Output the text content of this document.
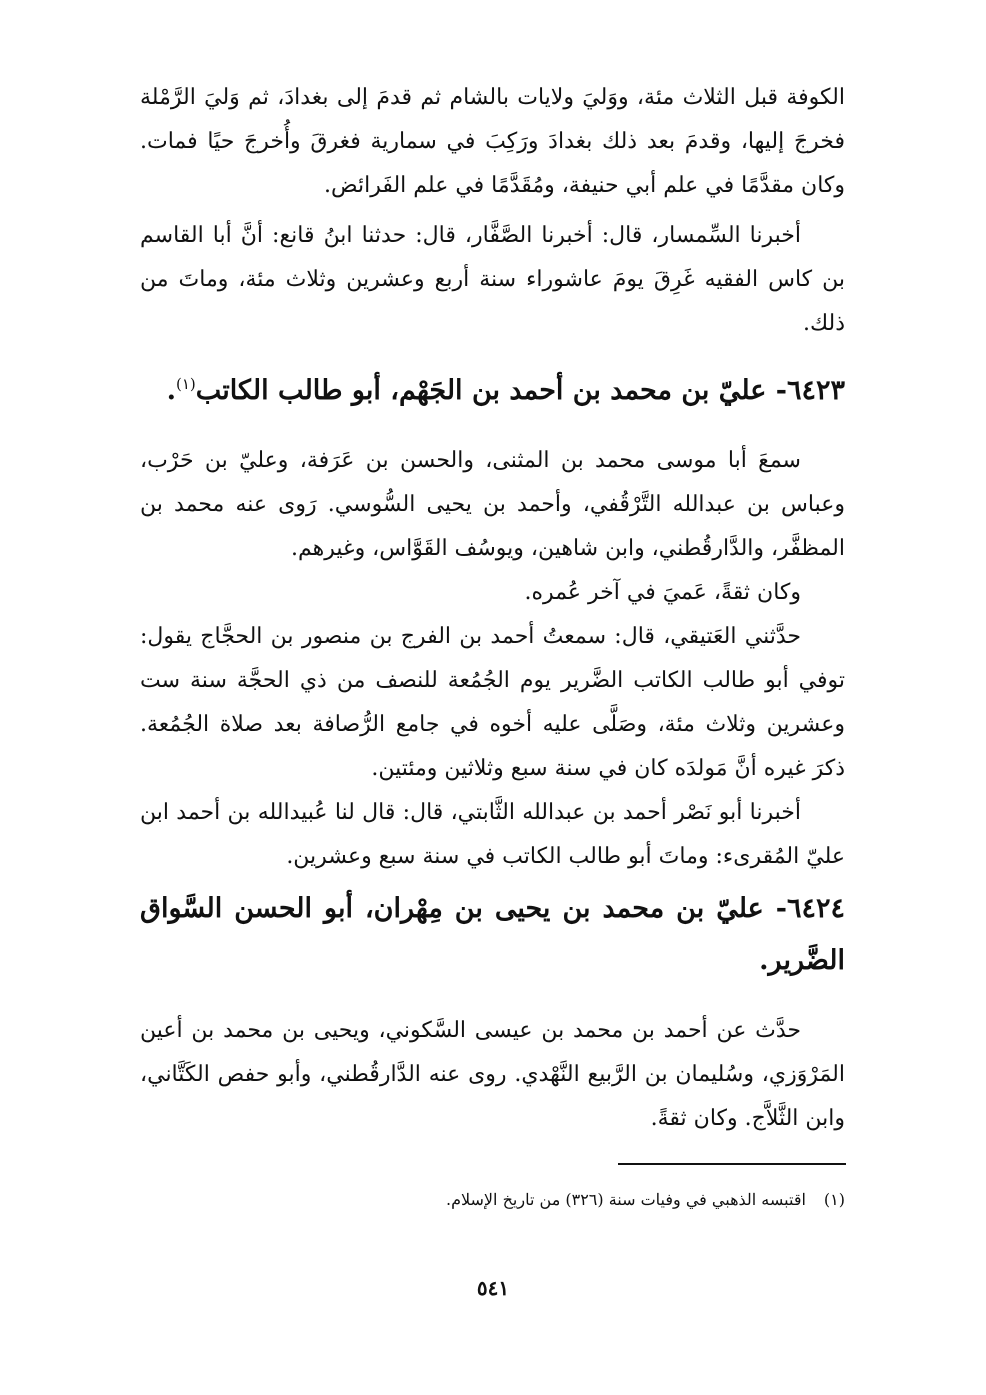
الكوفة قبل الثلاث مئة، ووَليَ ولايات بالشام ثم قدمَ إلى بغدادَ، ثم وَليَ الرَّمْلة فخرجَ إليها، وقدمَ بعد ذلك بغدادَ ورَكِبَ في سمارية فغرقَ وأُخرجَ حيًا فمات. وكان مقدَّمًا في علم أبي حنيفة، ومُقَدَّمًا في علم الفَرائض.

أخبرنا السِّمسار، قال: أخبرنا الصَّفَّار، قال: حدثنا ابنُ قانع: أنَّ أبا القاسم بن كاس الفقيه غَرِقَ يومَ عاشوراء سنة أربع وعشرين وثلاث مئة، وماتَ من ذلك.

٦٤٢٣- عليّ بن محمد بن أحمد بن الجَهْم، أبو طالب الكاتب$^{(١)}$.

سمعَ أبا موسى محمد بن المثنى، والحسن بن عَرَفة، وعليّ بن حَرْب، وعباس بن عبدالله التَّرْقُفي، وأحمد بن يحيى السُّوسي. رَوى عنه محمد بن المظفَّر، والدَّارقُطني، وابن شاهين، ويوسُف القَوَّاس، وغيرهم.

وكان ثقةً، عَميَ في آخر عُمره.

حدَّثني العَتيقي، قال: سمعتُ أحمد بن الفرج بن منصور بن الحجَّاج يقول: توفي أبو طالب الكاتب الضَّرير يوم الجُمُعة للنصف من ذي الحجَّة سنة ست وعشرين وثلاث مئة، وصَلَّى عليه أخوه في جامع الرُّصافة بعد صلاة الجُمُعة. ذكرَ غيره أنَّ مَولدَه كان في سنة سبع وثلاثين ومئتين.

أخبرنا أبو نَصْر أحمد بن عبدالله الثَّابتي، قال: قال لنا عُبيدالله بن أحمد ابن عليّ المُقرىء: وماتَ أبو طالب الكاتب في سنة سبع وعشرين.

٦٤٢٤- عليّ بن محمد بن يحيى بن مِهْران، أبو الحسن السَّواق الضَّرير.

حدَّث عن أحمد بن محمد بن عيسى السَّكوني، ويحيى بن محمد بن أعين المَرْوَزي، وسُليمان بن الرَّبيع النَّهْدي. روى عنه الدَّارقُطني، وأبو حفص الكَتَّاني، وابن الثَّلاَّج. وكان ثقةً.

(١)اقتبسه الذهبي في وفيات سنة (٣٢٦) من تاريخ الإسلام.
٥٤١
